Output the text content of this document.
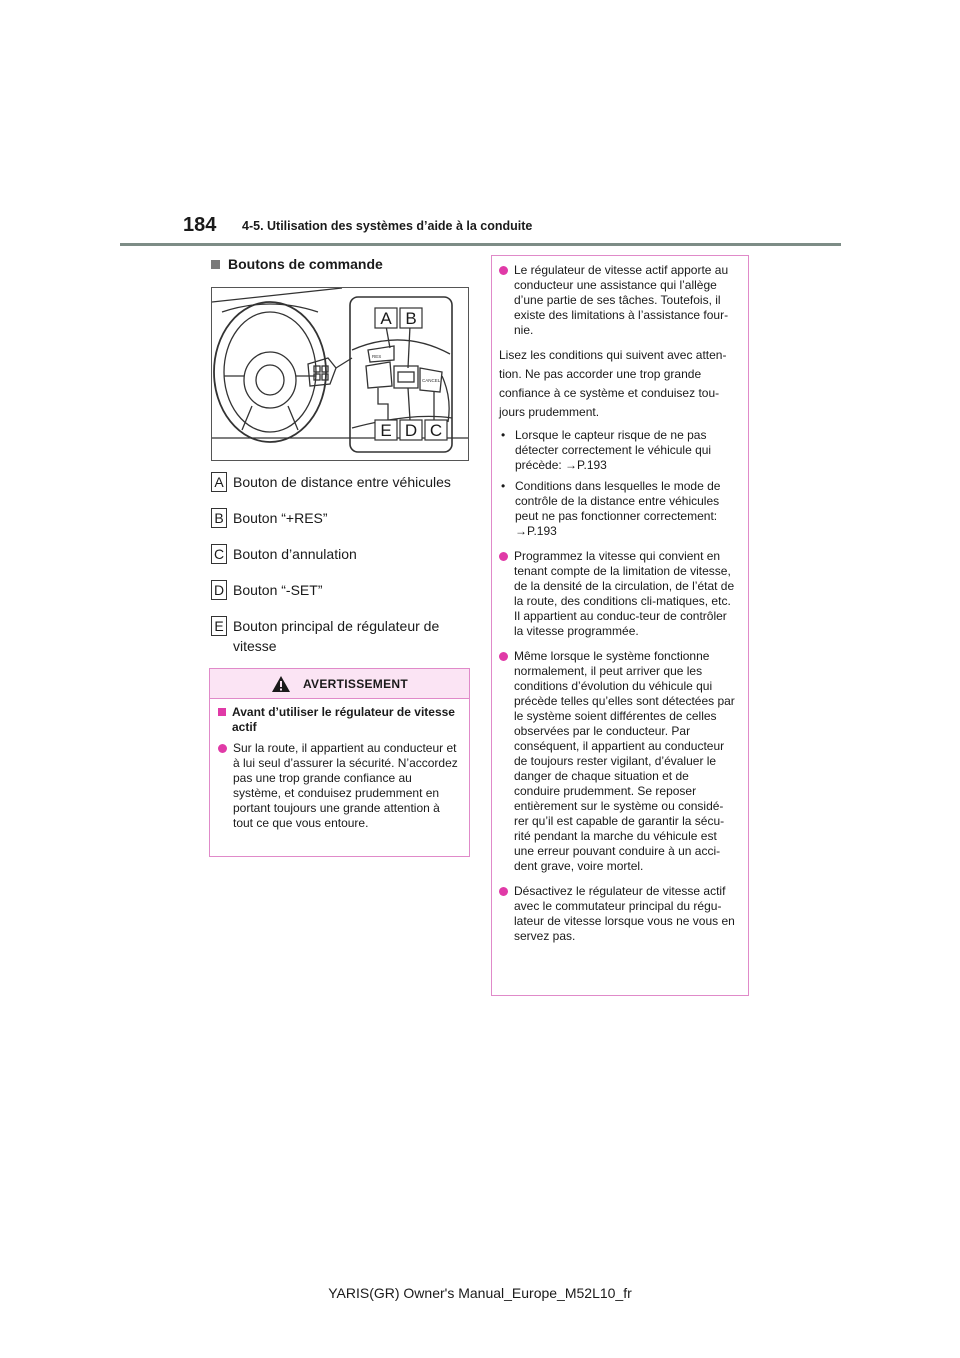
184 4-5. Utilisation des systèmes d’aide à la conduite
Boutons de commande
RES
CANCEL
A B
E D C
A Bouton de distance entre véhicules
B Bouton “+RES”
C Bouton d’annulation
D Bouton “-SET”
E Bouton principal de régulateur de
vitesse
AVERTISSEMENT
Avant d’utiliser le régulateur de vitesse actif
Sur la route, il appartient au conducteur et à lui seul d’assurer la sécurité. N’accordez pas une trop grande confiance au système, et conduisez prudemment en portant toujours une grande attention à tout ce que vous entoure.
Le régulateur de vitesse actif apporte au conducteur une assistance qui l’allège d’une partie de ses tâches. Toutefois, il existe des limitations à l’assistance four-nie.

Lisez les conditions qui suivent avec atten-

tion. Ne pas accorder une trop grande

confiance à ce système et conduisez tou-

jours prudemment.

• Lorsque le capteur risque de ne pas détecter correctement le véhicule qui précède: →P.193
• Conditions dans lesquelles le mode de contrôle de la distance entre véhicules peut ne pas fonctionner correctement: →P.193
Programmez la vitesse qui convient en tenant compte de la limitation de vitesse, de la densité de la circulation, de l’état de la route, des conditions cli-matiques, etc. Il appartient au conduc-teur de contrôler la vitesse programmée.
Même lorsque le système fonctionne normalement, il peut arriver que les conditions d’évolution du véhicule qui précède telles qu’elles sont détectées par le système soient différentes de celles observées par le conducteur. Par conséquent, il appartient au conducteur de toujours rester vigilant, d’évaluer le danger de chaque situation et de conduire prudemment. Se reposer entièrement sur le système ou considé-rer qu’il est capable de garantir la sécu-rité pendant la marche du véhicule est une erreur pouvant conduire à un acci-dent grave, voire mortel.
Désactivez le régulateur de vitesse actif avec le commutateur principal du régu-lateur de vitesse lorsque vous ne vous en servez pas.
YARIS(GR) Owner's Manual_Europe_M52L10_fr
